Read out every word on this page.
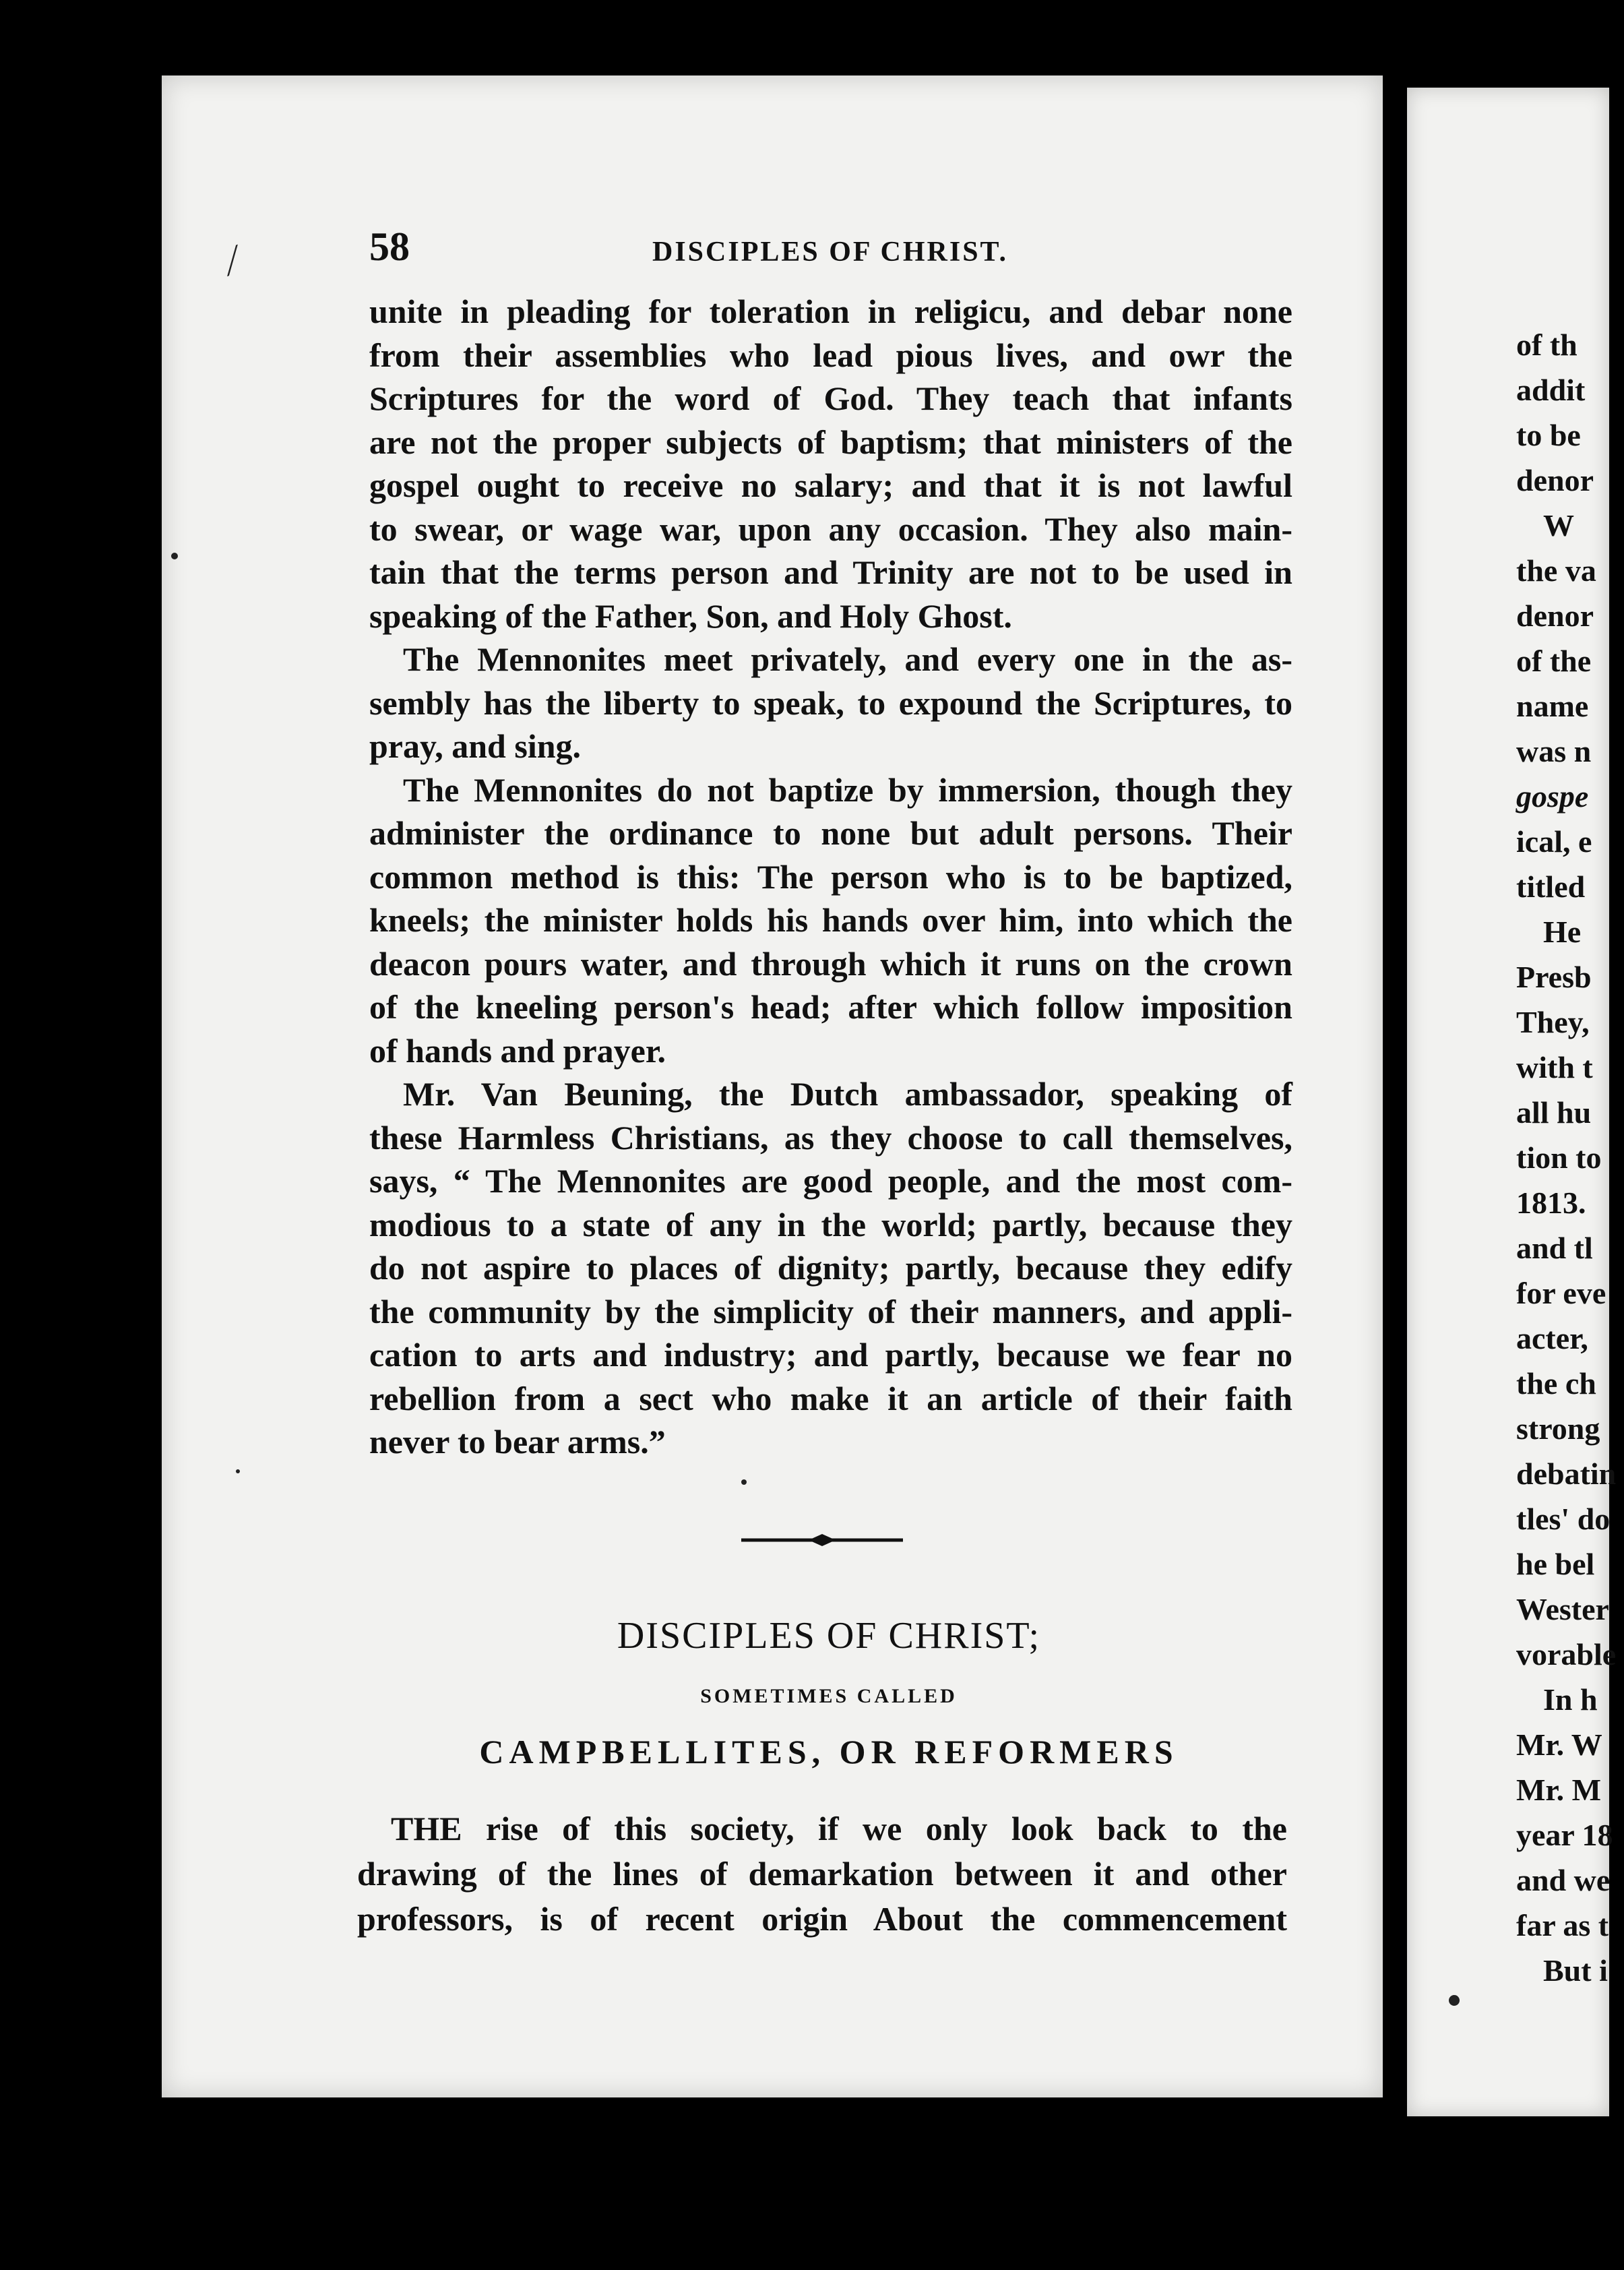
⁄	58	DISCIPLES OF CHRIST.
unite in pleading for toleration in religicu, and debar none
from their assemblies who lead pious lives, and owr the
Scriptures for the word of God. They teach that infants
are not the proper subjects of baptism; that ministers of the
gospel ought to receive no salary; and that it is not lawful
to swear, or wage war, upon any occasion. They also main-
tain that the terms person and Trinity are not to be used in
speaking of the Father, Son, and Holy Ghost.
The Mennonites meet privately, and every one in the as-
sembly has the liberty to speak, to expound the Scriptures, to
pray, and sing.
The Mennonites do not baptize by immersion, though they
administer the ordinance to none but adult persons. Their
common method is this: The person who is to be baptized,
kneels; the minister holds his hands over him, into which the
deacon pours water, and through which it runs on the crown
of the kneeling person's head; after which follow imposition
of hands and prayer.
Mr. Van Beuning, the Dutch ambassador, speaking of
these Harmless Christians, as they choose to call themselves,
says, “ The Mennonites are good people, and the most com-
modious to a state of any in the world; partly, because they
do not aspire to places of dignity; partly, because they edify
the community by the simplicity of their manners, and appli-
cation to arts and industry; and partly, because we fear no
rebellion from a sect who make it an article of their faith
never to bear arms.”
DISCIPLES OF CHRIST;
SOMETIMES CALLED
CAMPBELLITES, OR REFORMERS
THE rise of this society, if we only look back to the
drawing of the lines of demarkation between it and other
professors, is of recent origin About the commencement
of th
addit
to be
denor
W
the va
denor
of the
name
was n
gospe
ical, e
titled
He
Presb
They,
with t
all hu
tion to
1813.
and tl
for eve
acter,
the ch
strong
debatin
tles' do
he bel
Wester
vorable
In h
Mr. W
Mr. M
year 18
and we
far as t
But i
